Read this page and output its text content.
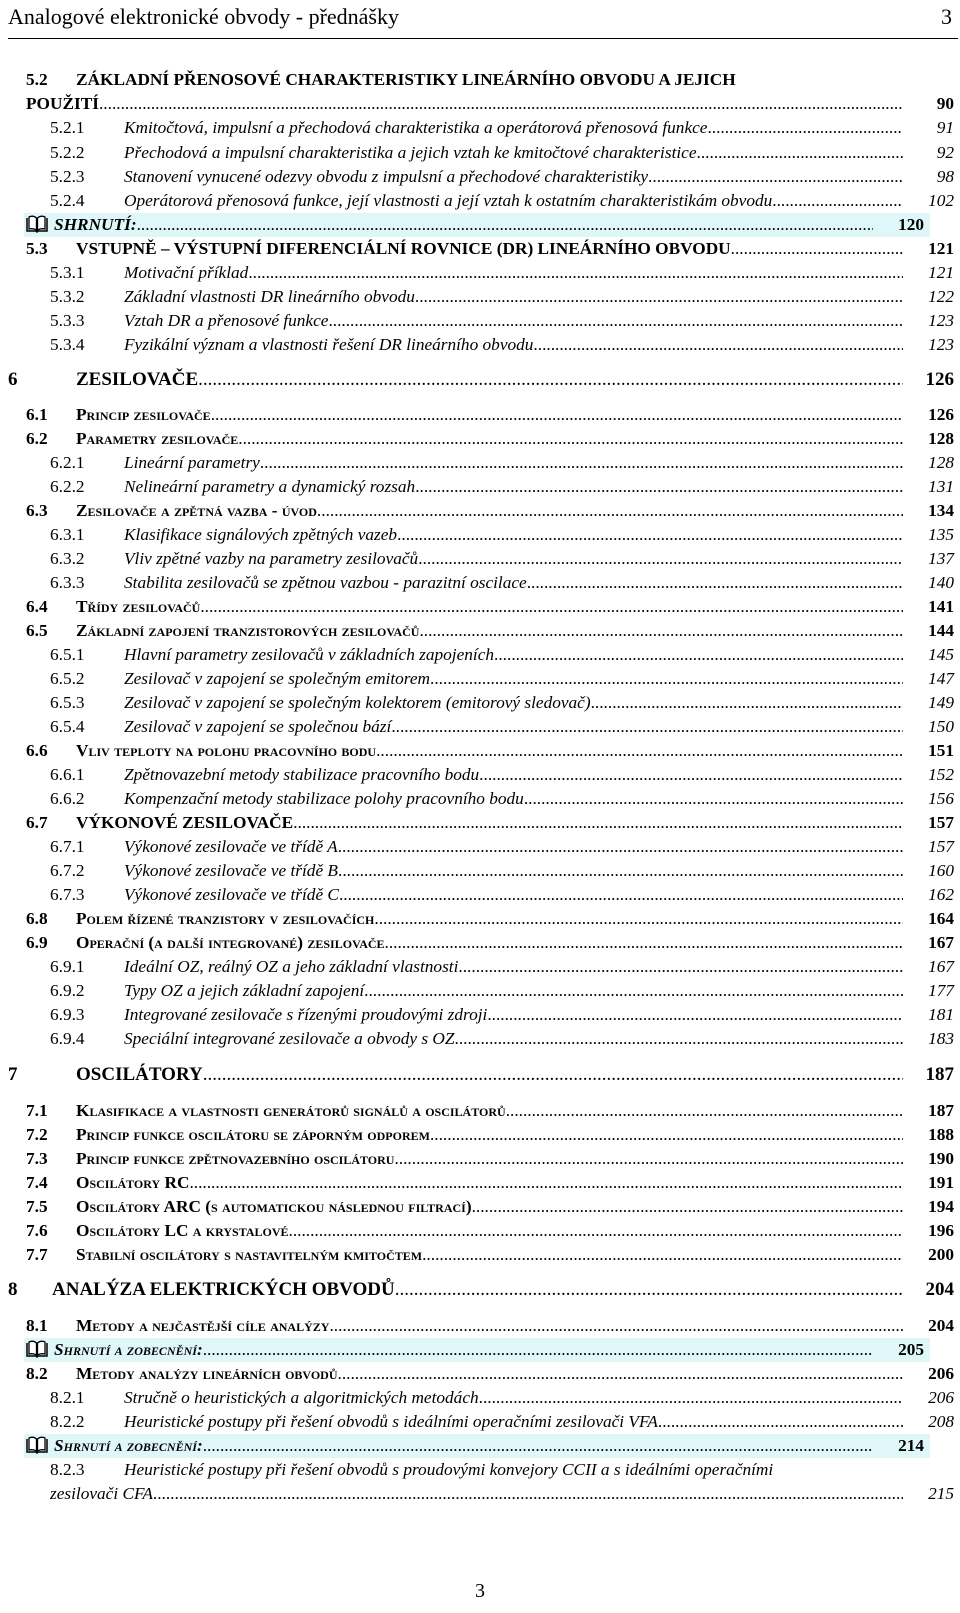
Analogové elektronické obvody - přednášky	3
5.2 ZÁKLADNÍ PŘENOSOVÉ CHARAKTERISTIKY LINEÁRNÍHO OBVODU A JEJICH
POUŽITÍ .....	90
5.2.1 Kmitočtová, impulsní a přechodová charakteristika a operátorová přenosová funkce .....	91
5.2.2 Přechodová a impulsní charakteristika a jejich vztah ke kmitočtové charakteristice .....	92
5.2.3 Stanovení vynucené odezvy obvodu z impulsní a přechodové charakteristiky .....	98
5.2.4 Operátorová přenosová funkce, její vlastnosti a její vztah k ostatním charakteristikám obvodu .....	102
SHRNUTÍ: .....	120
5.3 VSTUPNĚ – VÝSTUPNÍ DIFERENCIÁLNÍ ROVNICE (DR) LINEÁRNÍHO OBVODU .....	121
5.3.1 Motivační příklad .....	121
5.3.2 Základní vlastnosti DR lineárního obvodu .....	122
5.3.3 Vztah DR a přenosové funkce .....	123
5.3.4 Fyzikální význam a vlastnosti řešení DR lineárního obvodu .....	123
6	ZESILOVAČE .....	126
6.1 Princip zesilovače .....	126
6.2 Parametry zesilovače .....	128
6.2.1 Lineární parametry .....	128
6.2.2 Nelineární parametry a dynamický rozsah .....	131
6.3 Zesilovače a zpětná vazba - úvod .....	134
6.3.1 Klasifikace signálových zpětných vazeb .....	135
6.3.2 Vliv zpětné vazby na parametry zesilovačů .....	137
6.3.3 Stabilita zesilovačů se zpětnou vazbou - parazitní oscilace .....	140
6.4 Třídy zesilovačů .....	141
6.5 Základní zapojení tranzistorových zesilovačů .....	144
6.5.1 Hlavní parametry zesilovačů v základních zapojeních .....	145
6.5.2 Zesilovač v zapojení se společným emitorem .....	147
6.5.3 Zesilovač v zapojení se společným kolektorem (emitorový sledovač) .....	149
6.5.4 Zesilovač v zapojení se společnou bází .....	150
6.6 Vliv teploty na polohu pracovního bodu .....	151
6.6.1 Zpětnovazební metody stabilizace pracovního bodu .....	152
6.6.2 Kompenzační metody stabilizace polohy pracovního bodu .....	156
6.7 VÝKONOVÉ ZESILOVAČE .....	157
6.7.1 Výkonové zesilovače ve třídě A .....	157
6.7.2 Výkonové zesilovače ve třídě B .....	160
6.7.3 Výkonové zesilovače ve třídě C .....	162
6.8 Polem řízené tranzistory v zesilovačích .....	164
6.9 Operační (a další integrované) zesilovače .....	167
6.9.1 Ideální OZ, reálný OZ a jeho základní vlastnosti .....	167
6.9.2 Typy OZ a jejich základní zapojení .....	177
6.9.3 Integrované zesilovače s řízenými proudovými zdroji .....	181
6.9.4 Speciální integrované zesilovače a obvody s OZ .....	183
7	OSCILÁTORY .....	187
7.1 Klasifikace a vlastnosti generátorů signálů a oscilátorů .....	187
7.2 Princip funkce oscilátoru se záporným odporem .....	188
7.3 Princip funkce zpětnovazebního oscilátoru .....	190
7.4 Oscilátory RC .....	191
7.5 Oscilátory ARC (s automatickou následnou filtrací) .....	194
7.6 Oscilátory LC a krystalové .....	196
7.7 Stabilní oscilátory s nastavitelným kmitočtem .....	200
8 ANALÝZA ELEKTRICKÝCH OBVODŮ .....	204
8.1 Metody a nejčastější cíle analýzy .....	204
Shrnutí a zobecnění: .....	205
8.2 Metody analýzy lineárních obvodů .....	206
8.2.1 Stručně o heuristických a algoritmických metodách .....	206
8.2.2 Heuristické postupy při řešení obvodů s ideálními operačními zesilovači VFA .....	208
Shrnutí a zobecnění: .....	214
8.2.3 Heuristické postupy při řešení obvodů s proudovými konvejory CCII a s ideálními operačními
zesilovači CFA .....	215
3
